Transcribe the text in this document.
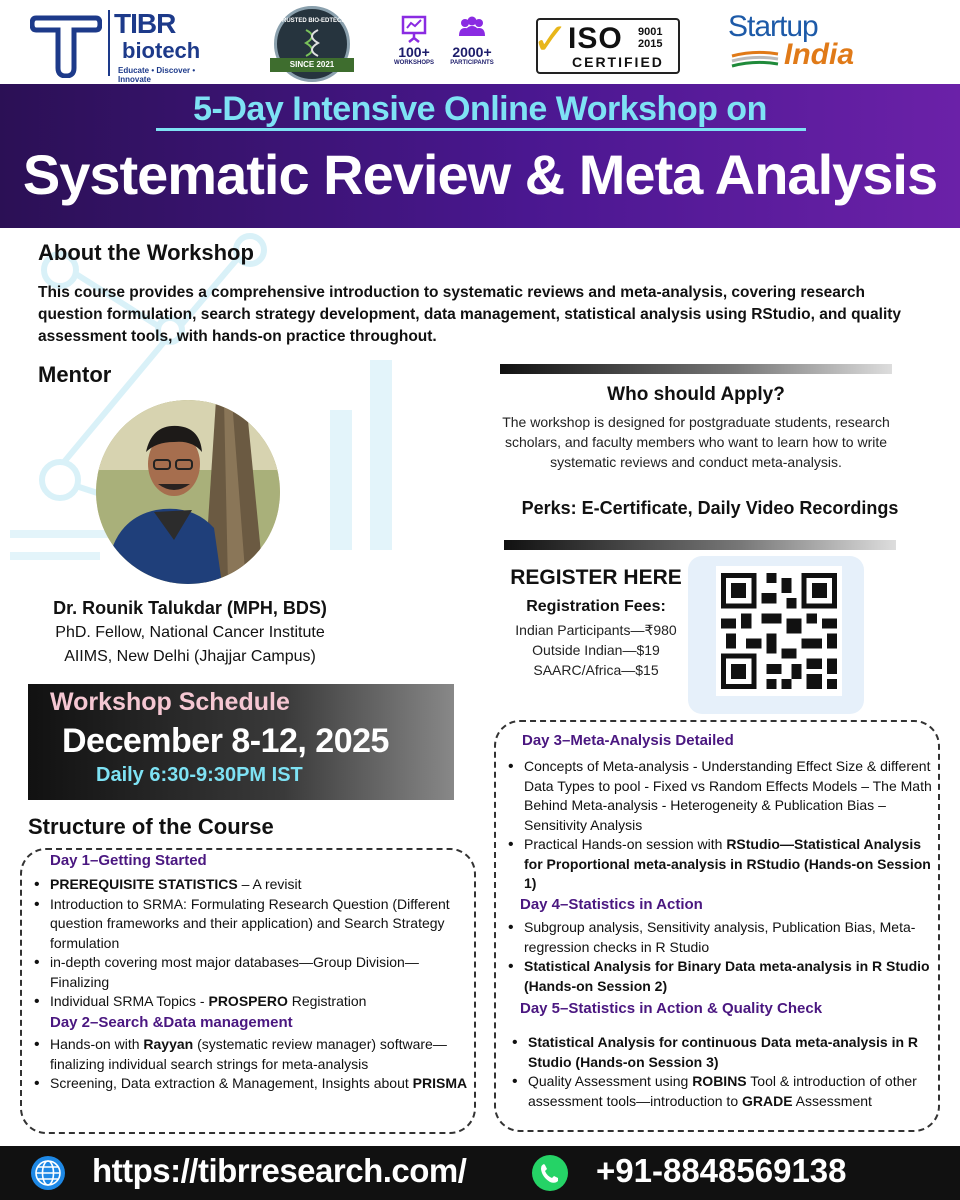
TIBR
biotech
Educate • Discover • Innovate
TRUSTED BIO-EDTECH
SINCE 2021
100+
WORKSHOPS
2000+
PARTICIPANTS ✓ ISO 9001
2015
CERTIFIED
Startup
India
5-Day Intensive Online Workshop on
Systematic Review & Meta Analysis
About the Workshop

This course provides a comprehensive introduction to systematic reviews and meta-analysis, covering research question formulation, search strategy development, data management, statistical analysis using RStudio, and quality assessment tools, with hands-on practice throughout.

Mentor
Dr. Rounik Talukdar (MPH, BDS)
PhD. Fellow, National Cancer Institute
AIIMS, New Delhi (Jhajjar Campus)
Who should Apply?

The workshop is designed for postgraduate students, research scholars, and faculty members who want to learn how to write systematic reviews and conduct meta-analysis.

Perks: E-Certificate, Daily Video Recordings
REGISTER HERE
Registration Fees:
Indian Participants—₹980
Outside Indian—$19
SAARC/Africa—$15
Workshop Schedule
December 8-12, 2025
Daily 6:30-9:30PM IST
Structure of the Course
Day 1–Getting Started
• PREREQUISITE STATISTICS – A revisit
• Introduction to SRMA: Formulating Research Question (Different question frameworks and their application) and Search Strategy formulation
• in-depth covering most major databases—Group Division—Finalizing
• Individual SRMA Topics - PROSPERO Registration
Day 2–Search &Data management
• Hands-on with Rayyan (systematic review manager) software—finalizing individual search strings for meta-analysis
• Screening, Data extraction & Management, Insights about PRISMA
Day 3–Meta-Analysis Detailed
• Concepts of Meta-analysis - Understanding Effect Size & different Data Types to pool - Fixed vs Random Effects Models – The Math Behind Meta-analysis - Heterogeneity & Publication Bias – Sensitivity Analysis
• Practical Hands-on session with RStudio—Statistical Analysis for Proportional meta-analysis in RStudio (Hands-on Session 1)
Day 4–Statistics in Action
• Subgroup analysis, Sensitivity analysis, Publication Bias, Meta-regression checks in R Studio
• Statistical Analysis for Binary Data meta-analysis in R Studio (Hands-on Session 2)
Day 5–Statistics in Action & Quality Check
• Statistical Analysis for continuous Data meta-analysis in R Studio (Hands-on Session 3)
• Quality Assessment using ROBINS Tool & introduction of other assessment tools—introduction to GRADE Assessment
https://tibrresearch.com/	+91-8848569138
